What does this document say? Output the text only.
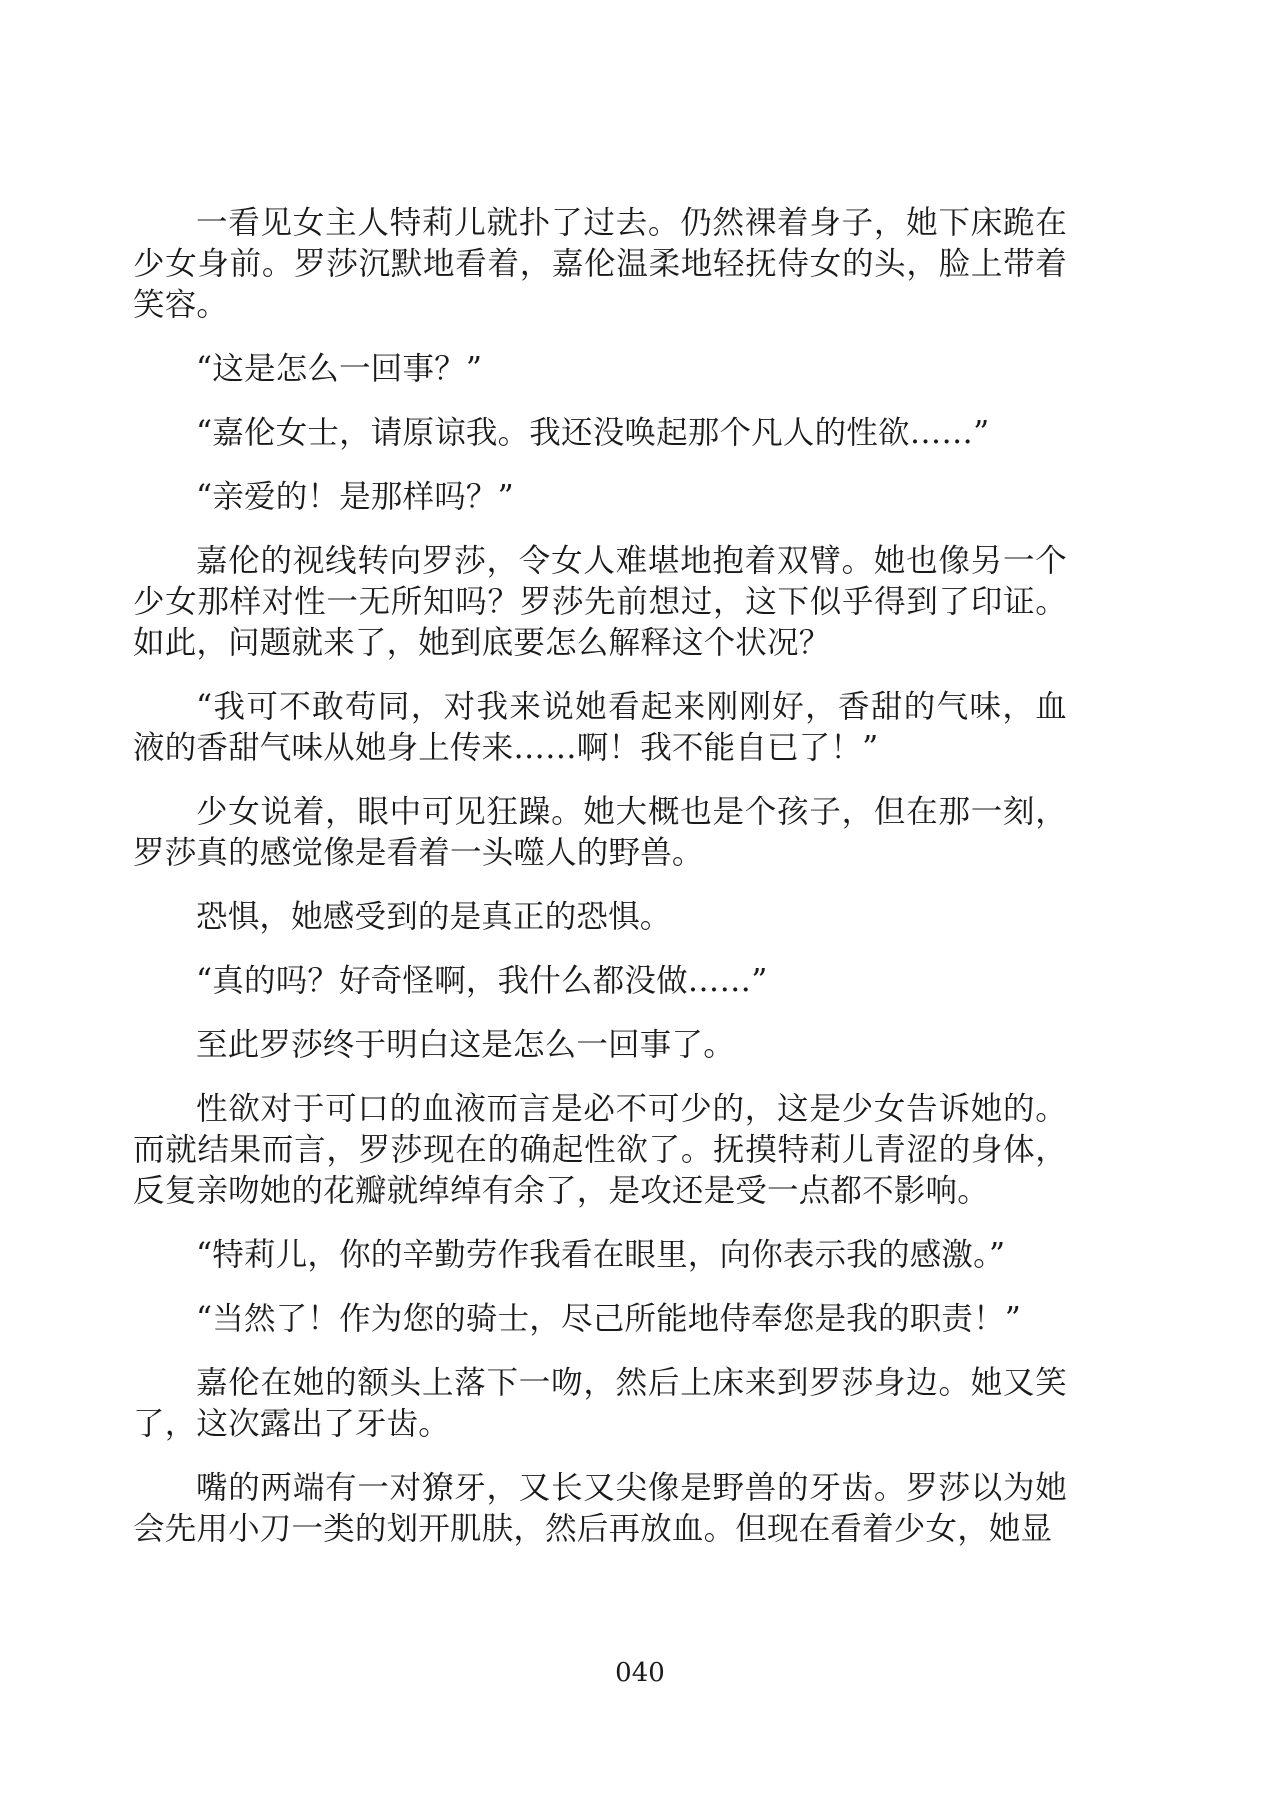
一看见女主人特莉儿就扑了过去。仍然裸着身子，她下床跪在少女身前。罗莎沉默地看着，嘉伦温柔地轻抚侍女的头，脸上带着笑容。

“这是怎么一回事？”

“嘉伦女士，请原谅我。我还没唤起那个凡人的性欲……”

“亲爱的！是那样吗？”

嘉伦的视线转向罗莎，令女人难堪地抱着双臂。她也像另一个少女那样对性一无所知吗？罗莎先前想过，这下似乎得到了印证。如此，问题就来了，她到底要怎么解释这个状况？

“我可不敢苟同，对我来说她看起来刚刚好，香甜的气味，血液的香甜气味从她身上传来……啊！我不能自已了！”

少女说着，眼中可见狂躁。她大概也是个孩子，但在那一刻，罗莎真的感觉像是看着一头噬人的野兽。

恐惧，她感受到的是真正的恐惧。

“真的吗？好奇怪啊，我什么都没做……”

至此罗莎终于明白这是怎么一回事了。

性欲对于可口的血液而言是必不可少的，这是少女告诉她的。而就结果而言，罗莎现在的确起性欲了。抚摸特莉儿青涩的身体，反复亲吻她的花瓣就绰绰有余了，是攻还是受一点都不影响。

“特莉儿，你的辛勤劳作我看在眼里，向你表示我的感激。”

“当然了！作为您的骑士，尽己所能地侍奉您是我的职责！”

嘉伦在她的额头上落下一吻，然后上床来到罗莎身边。她又笑了，这次露出了牙齿。

嘴的两端有一对獠牙，又长又尖像是野兽的牙齿。罗莎以为她会先用小刀一类的划开肌肤，然后再放血。但现在看着少女，她显

040
